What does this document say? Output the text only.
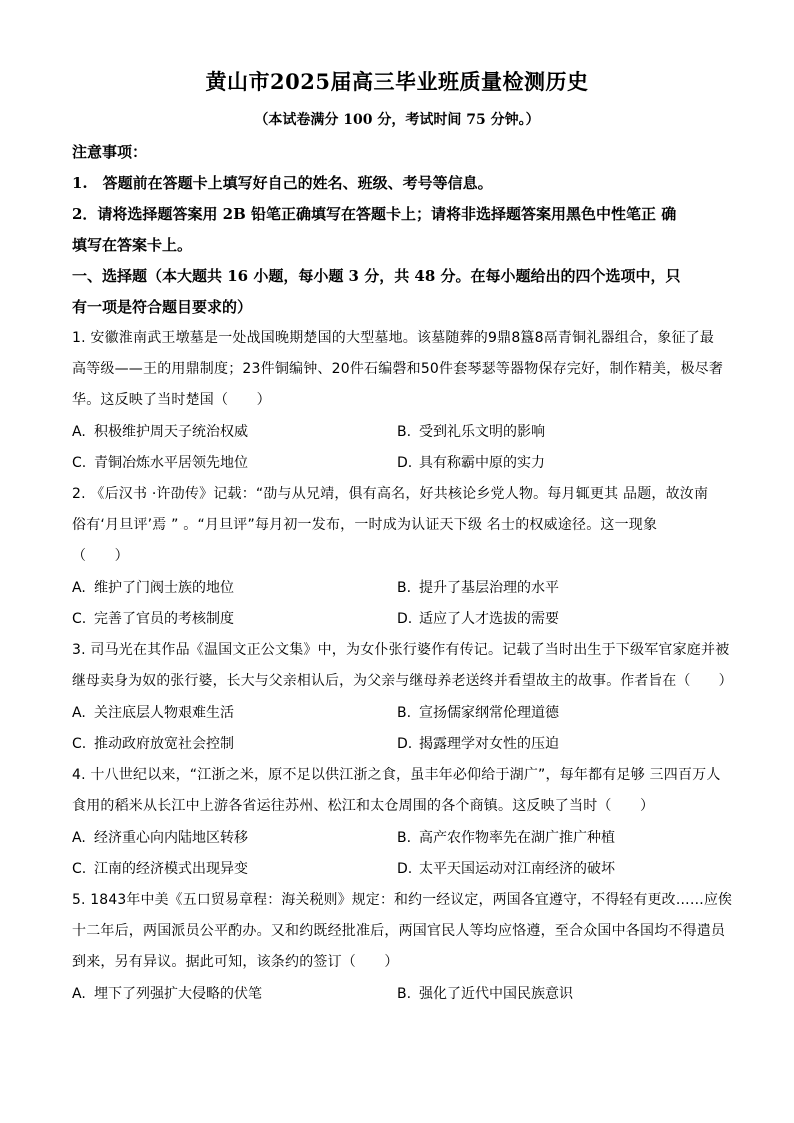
黄山市2025届高三毕业班质量检测历史
（本试卷满分 100 分，考试时间 75 分钟。）
注意事项：
1.　答题前在答题卡上填写好自己的姓名、班级、考号等信息。
2．请将选择题答案用 2B 铅笔正确填写在答题卡上；请将非选择题答案用黑色中性笔正 确
填写在答案卡上。
一、选择题（本大题共 16 小题，每小题 3 分，共 48 分。在每小题给出的四个选项中，只
有一项是符合题目要求的）
1. 安徽淮南武王墩墓是一处战国晚期楚国的大型墓地。该墓随葬的9鼎8簋8鬲青铜礼器组合，象征了最
高等级——王的用鼎制度；23件铜编钟、20件石编磬和50件套琴瑟等器物保存完好，制作精美，极尽奢
华。这反映了当时楚国（　　）
A. 积极维护周天子统治权威	B. 受到礼乐文明的影响
C. 青铜冶炼水平居领先地位	D. 具有称霸中原的实力
2. 《后汉书 ·许劭传》记载：“劭与从兄靖，俱有高名，好共核论乡党人物。每月辄更其 品题，故汝南
俗有‘月旦评’焉 ” 。“月旦评”每月初一发布，一时成为认证天下级 名士的权威途径。这一现象
（　　）
A. 维护了门阀士族的地位	B. 提升了基层治理的水平
C. 完善了官员的考核制度	D. 适应了人才选拔的需要
3. 司马光在其作品《温国文正公文集》中，为女仆张行婆作有传记。记载了当时出生于下级军官家庭并被
继母卖身为奴的张行婆，长大与父亲相认后，为父亲与继母养老送终并看望故主的故事。作者旨在（　　）
A. 关注底层人物艰难生活	B. 宣扬儒家纲常伦理道德
C. 推动政府放宽社会控制	D. 揭露理学对女性的压迫
4. 十八世纪以来，“江浙之米，原不足以供江浙之食，虽丰年必仰给于湖广”，每年都有足够 三四百万人
食用的稻米从长江中上游各省运往苏州、松江和太仓周围的各个商镇。这反映了当时（　　）
A. 经济重心向内陆地区转移	B. 高产农作物率先在湖广推广种植
C. 江南的经济模式出现异变	D. 太平天国运动对江南经济的破坏
5. 1843年中美《五口贸易章程：海关税则》规定：和约一经议定，两国各宜遵守，不得轻有更改……应俟
十二年后，两国派员公平酌办。又和约既经批准后，两国官民人等均应恪遵，至合众国中各国均不得遣员
到来，另有异议。据此可知，该条约的签订（　　）
A. 埋下了列强扩大侵略的伏笔	B. 强化了近代中国民族意识
